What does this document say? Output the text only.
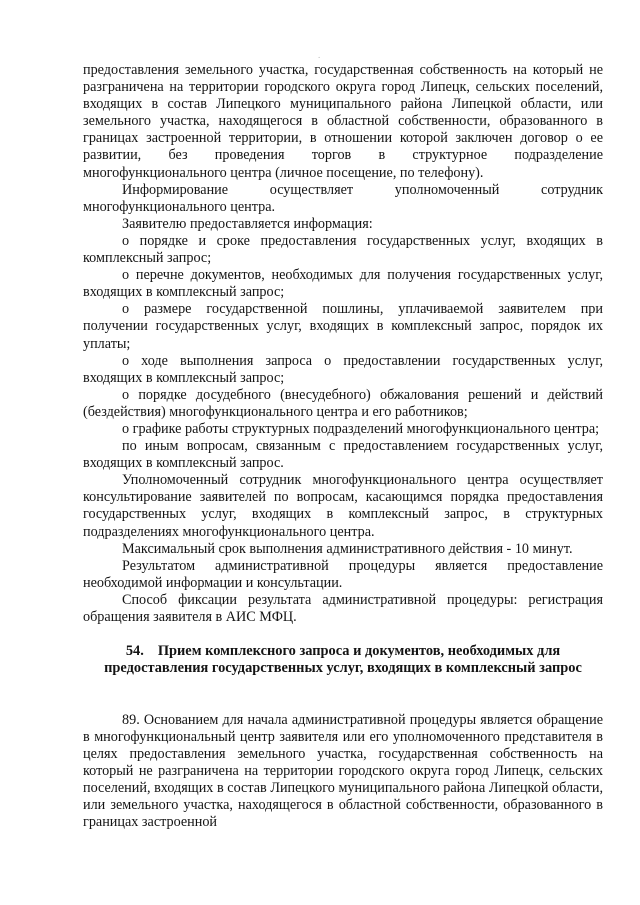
.

предоставления земельного участка, государственная собственность на который не разграничена на территории городского округа город Липецк, сельских поселений, входящих в состав Липецкого муниципального района Липецкой области, или земельного участка, находящегося в областной собственности, образованного в границах застроенной территории, в отношении которой заключен договор о ее развитии, без проведения торгов в структурное подразделение многофункционального центра (личное посещение, по телефону).

Информирование осуществляет уполномоченный сотрудник многофункционального центра.

Заявителю предоставляется информация:

о порядке и сроке предоставления государственных услуг, входящих в комплексный запрос;

о перечне документов, необходимых для получения государственных услуг, входящих в комплексный запрос;

о размере государственной пошлины, уплачиваемой заявителем при получении государственных услуг, входящих в комплексный запрос, порядок их уплаты;

о ходе выполнения запроса о предоставлении государственных услуг, входящих в комплексный запрос;

о порядке досудебного (внесудебного) обжалования решений и действий (бездействия) многофункционального центра и его работников;

о графике работы структурных подразделений многофункционального центра;

по иным вопросам, связанным с предоставлением государственных услуг, входящих в комплексный запрос.

Уполномоченный сотрудник многофункционального центра осуществляет консультирование заявителей по вопросам, касающимся порядка предоставления государственных услуг, входящих в комплексный запрос, в структурных подразделениях многофункционального центра.

Максимальный срок выполнения административного действия - 10 минут.

Результатом административной процедуры является предоставление необходимой информации и консультации.

Способ фиксации результата административной процедуры: регистрация обращения заявителя в АИС МФЦ.

54. Прием комплексного запроса и документов, необходимых для предоставления государственных услуг, входящих в комплексный запрос

89. Основанием для начала административной процедуры является обращение в многофункциональный центр заявителя или его уполномоченного представителя в целях предоставления земельного участка, государственная собственность на который не разграничена на территории городского округа город Липецк, сельских поселений, входящих в состав Липецкого муниципального района Липецкой области, или земельного участка, находящегося в областной собственности, образованного в границах застроенной
